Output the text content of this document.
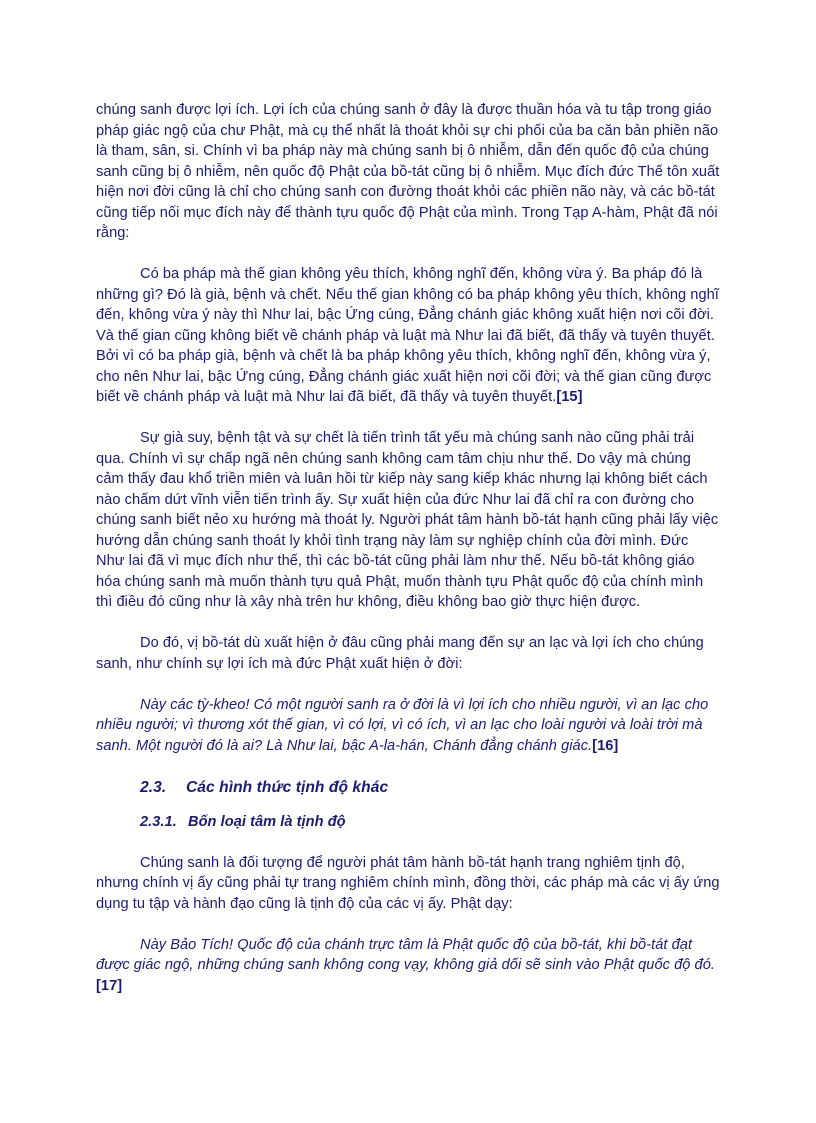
chúng sanh được lợi ích. Lợi ích của chúng sanh ở đây là được thuần hóa và tu tập trong giáo pháp giác ngộ của chư Phật, mà cụ thể nhất là thoát khỏi sự chi phối của ba căn bản phiền não là tham, sân, si. Chính vì ba pháp này mà chúng sanh bị ô nhiễm, dẫn đến quốc độ của chúng sanh cũng bị ô nhiễm, nên quốc độ Phật của bồ-tát cũng bị ô nhiễm. Mục đích đức Thế tôn xuất hiện nơi đời cũng là chỉ cho chúng sanh con đường thoát khỏi các phiền não này, và các bồ-tát cũng tiếp nối mục đích này để thành tựu quốc độ Phật của mình. Trong Tạp A-hàm, Phật đã nói rằng:

Có ba pháp mà thế gian không yêu thích, không nghĩ đến, không vừa ý. Ba pháp đó là những gì? Đó là già, bệnh và chết. Nếu thế gian không có ba pháp không yêu thích, không nghĩ đến, không vừa ý này thì Như lai, bậc Ứng cúng, Đẳng chánh giác không xuất hiện nơi cõi đời. Và thế gian cũng không biết về chánh pháp và luật mà Như lai đã biết, đã thấy và tuyên thuyết. Bởi vì có ba pháp già, bệnh và chết là ba pháp không yêu thích, không nghĩ đến, không vừa ý, cho nên Như lai, bậc Ứng cúng, Đẳng chánh giác xuất hiện nơi cõi đời; và thế gian cũng được biết về chánh pháp và luật mà Như lai đã biết, đã thấy và tuyên thuyết.[15]

Sự già suy, bệnh tật và sự chết là tiến trình tất yếu mà chúng sanh nào cũng phải trải qua. Chính vì sự chấp ngã nên chúng sanh không cam tâm chịu như thế. Do vậy mà chúng cảm thấy đau khổ triền miên và luân hồi từ kiếp này sang kiếp khác nhưng lại không biết cách nào chấm dứt vĩnh viễn tiến trình ấy. Sự xuất hiện của đức Như lai đã chỉ ra con đường cho chúng sanh biết nẻo xu hướng mà thoát ly. Người phát tâm hành bồ-tát hạnh cũng phải lấy việc hướng dẫn chúng sanh thoát ly khỏi tình trạng này làm sự nghiệp chính của đời mình. Đức Như lai đã vì mục đích như thế, thì các bồ-tát cũng phải làm như thế. Nếu bồ-tát không giáo hóa chúng sanh mà muốn thành tựu quả Phật, muốn thành tựu Phật quốc độ của chính mình thì điều đó cũng như là xây nhà trên hư không, điều không bao giờ thực hiện được.

Do đó, vị bồ-tát dù xuất hiện ở đâu cũng phải mang đến sự an lạc và lợi ích cho chúng sanh, như chính sự lợi ích mà đức Phật xuất hiện ở đời:

Này các tỳ-kheo! Có một người sanh ra ở đời là vì lợi ích cho nhiều người, vì an lạc cho nhiều người; vì thương xót thế gian, vì có lợi, vì có ích, vì an lạc cho loài người và loài trời mà sanh. Một người đó là ai? Là Như lai, bậc A-la-hán, Chánh đẳng chánh giác.[16]

2.3.	Các hình thức tịnh độ khác
2.3.1. Bốn loại tâm là tịnh độ

Chúng sanh là đối tượng để người phát tâm hành bồ-tát hạnh trang nghiêm tịnh độ, nhưng chính vị ấy cũng phải tự trang nghiêm chính mình, đồng thời, các pháp mà các vị ấy ứng dụng tu tập và hành đạo cũng là tịnh độ của các vị ấy. Phật dạy:

Này Bảo Tích! Quốc độ của chánh trực tâm là Phật quốc độ của bồ-tát, khi bồ-tát đạt được giác ngộ, những chúng sanh không cong vạy, không giả dối sẽ sinh vào Phật quốc độ đó.[17]
